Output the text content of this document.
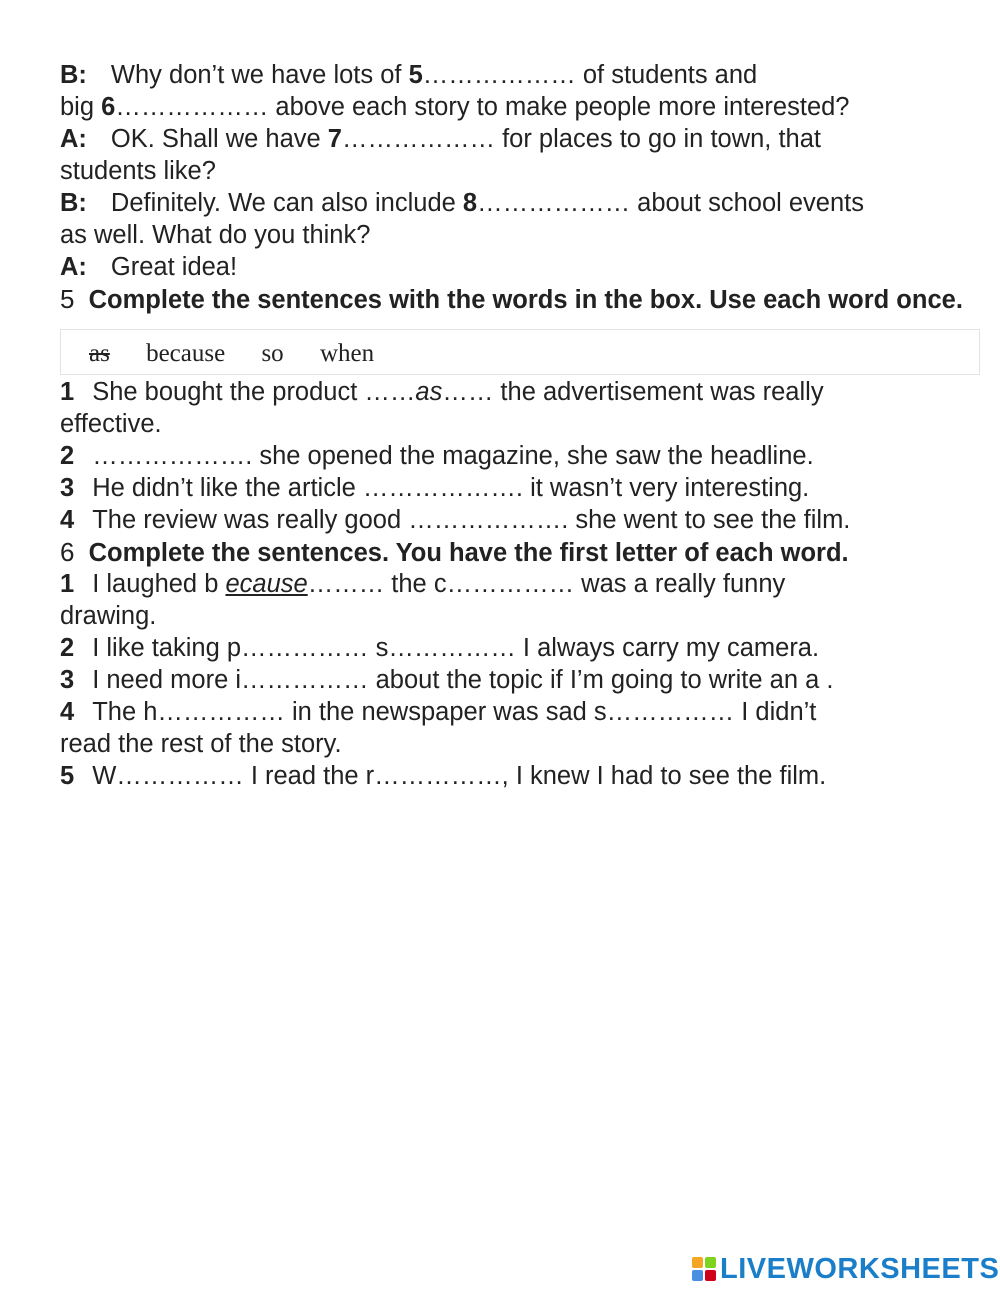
B: Why don’t we have lots of 5……………… of students and

big 6……………… above each story to make people more interested?

A: OK. Shall we have 7……………… for places to go in town, that

students like?

B: Definitely. We can also include 8……………… about school events

as well. What do you think?

A: Great idea!

5 Complete the sentences with the words in the box. Use each word once.

as because so when

1 She bought the product ……as…… the advertisement was really

effective.

2 ………………. she opened the magazine, she saw the headline.

3 He didn’t like the article ………………. it wasn’t very interesting.

4 The review was really good ………………. she went to see the film.

6 Complete the sentences. You have the first letter of each word.

1 I laughed b ecause……… the c…………… was a really funny

drawing.

2 I like taking p…………… s…………… I always carry my camera.

3 I need more i…………… about the topic if I’m going to write an a .

4 The h…………… in the newspaper was sad s…………… I didn’t

read the rest of the story.

5 W…………… I read the r……………, I knew I had to see the film.

LIVEWORKSHEETS
